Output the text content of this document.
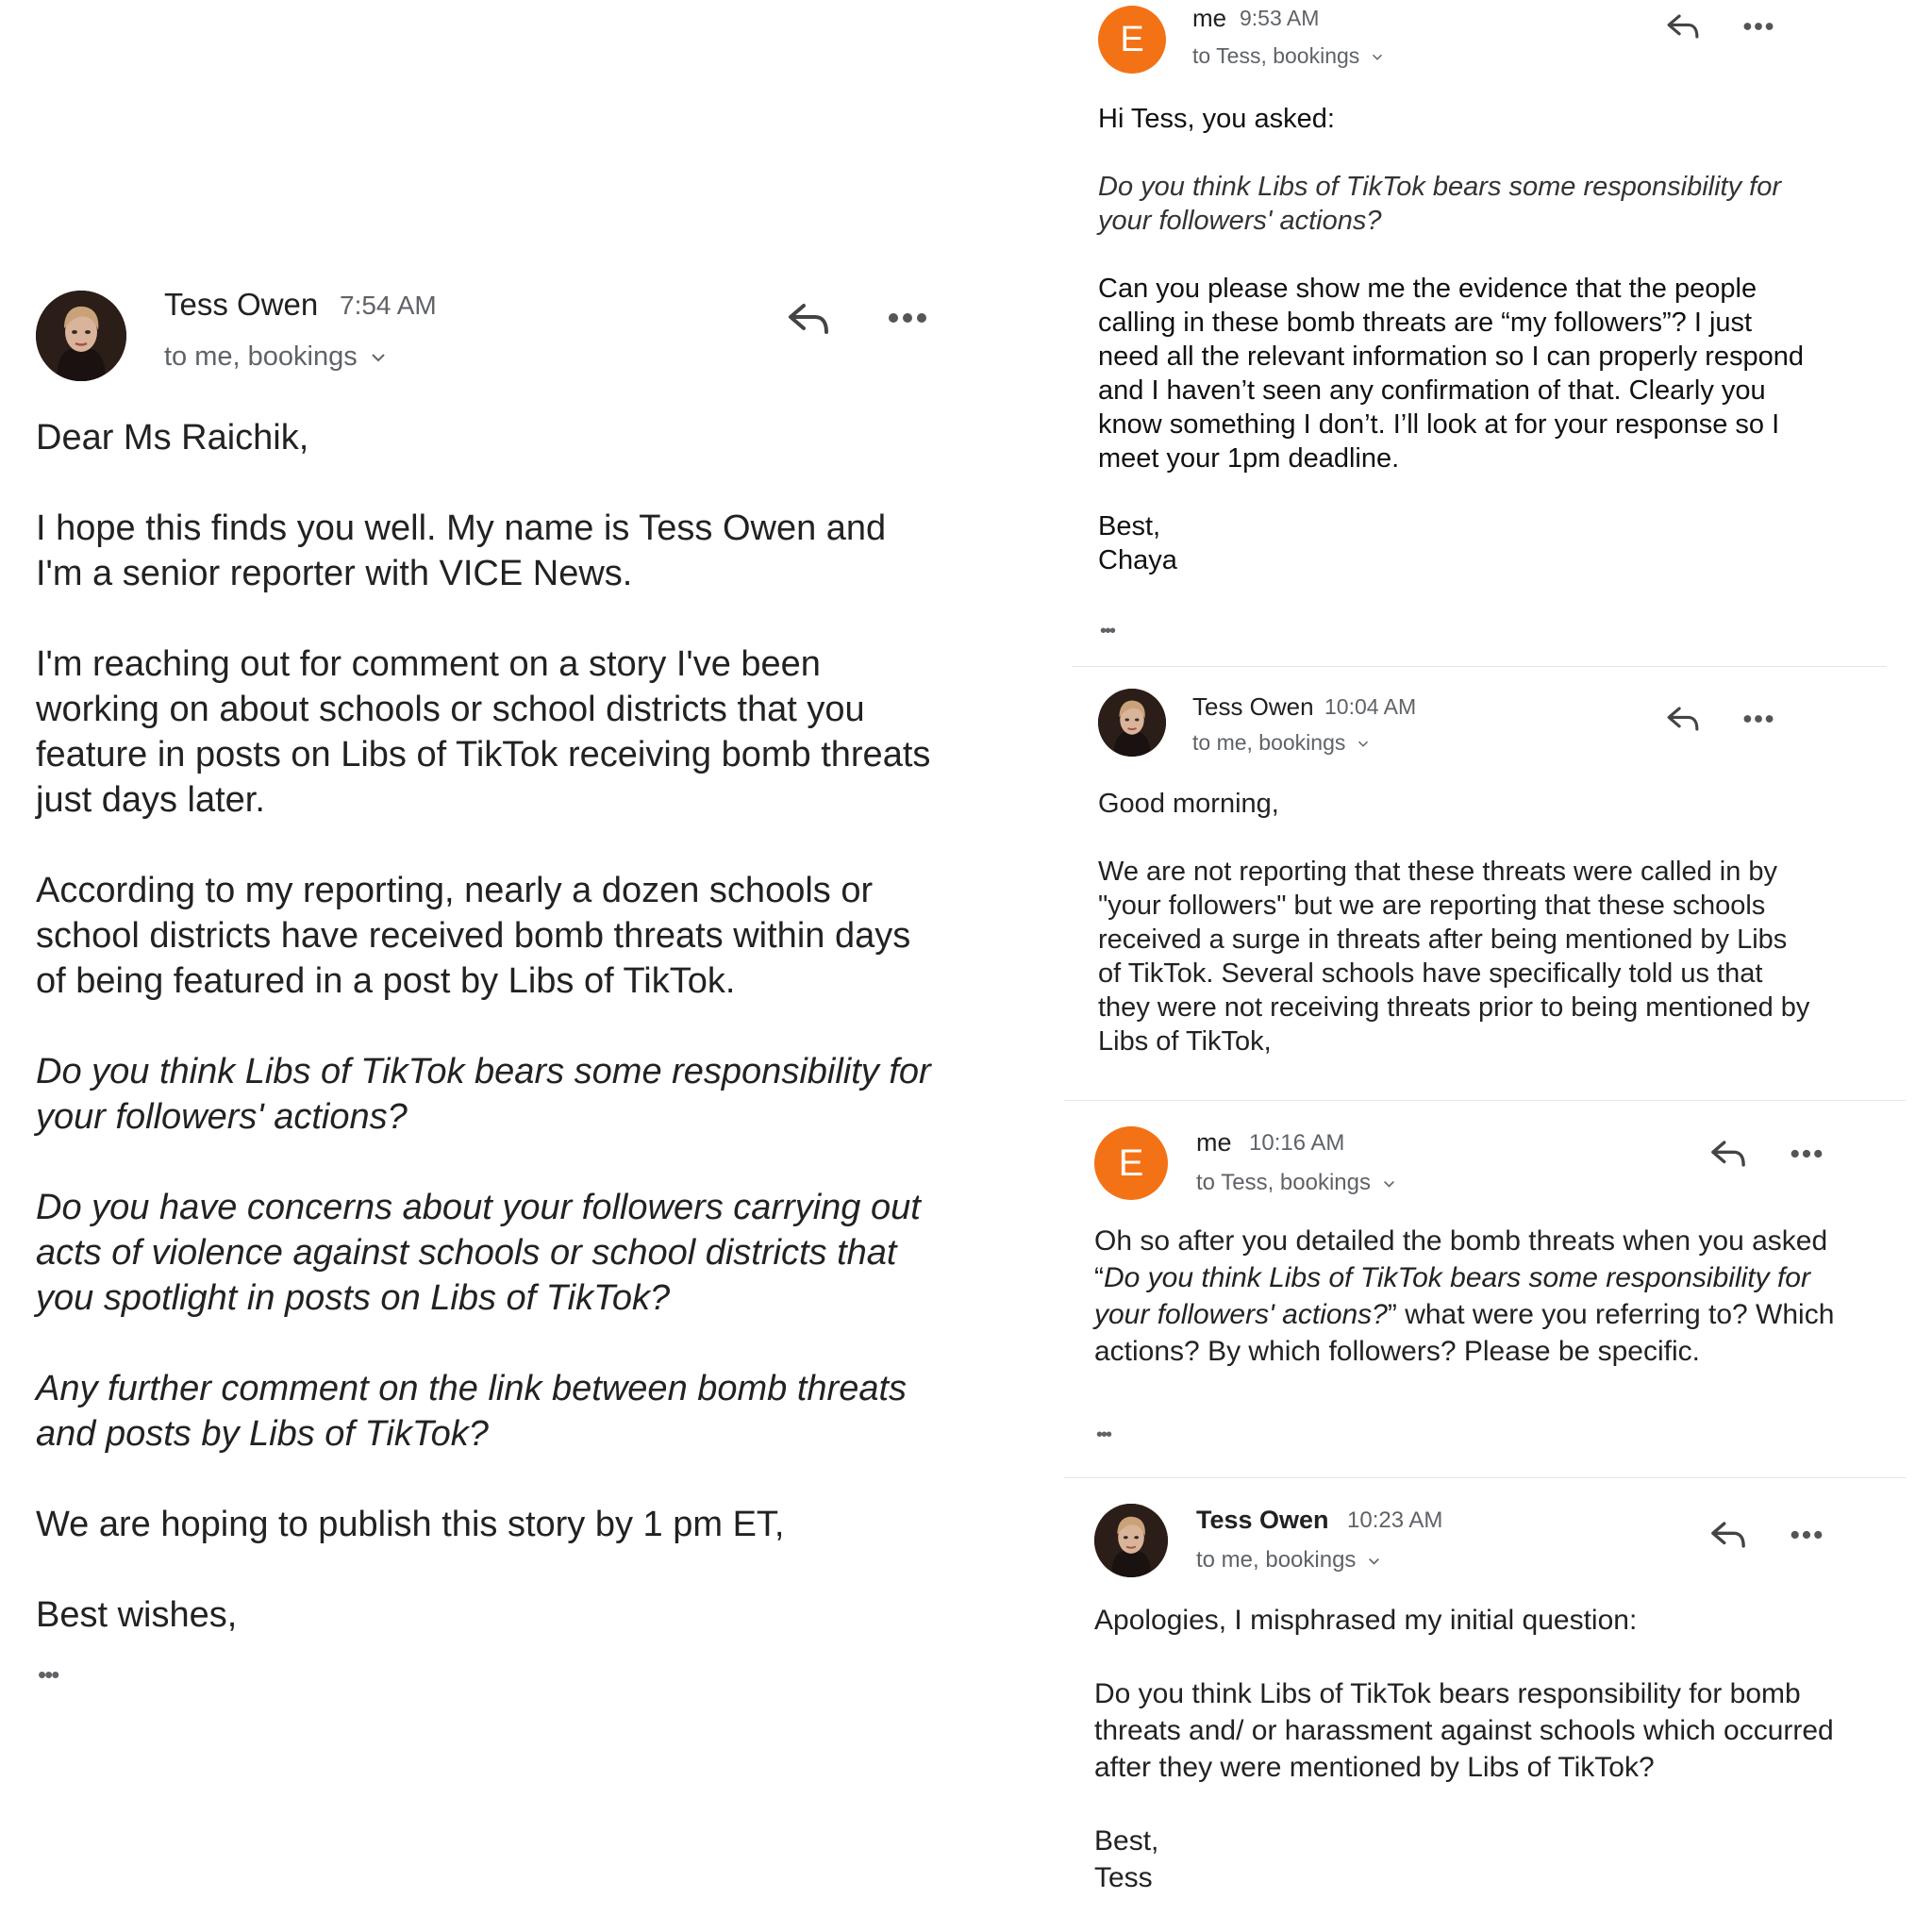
Tess Owen 7:54 AM
to me, bookings

Dear Ms Raichik,

I hope this finds you well. My name is Tess Owen and I'm a senior reporter with VICE News.

I'm reaching out for comment on a story I've been working on about schools or school districts that you feature in posts on Libs of TikTok receiving bomb threats just days later.

According to my reporting, nearly a dozen schools or school districts have received bomb threats within days of being featured in a post by Libs of TikTok.

Do you think Libs of TikTok bears some responsibility for your followers' actions?

Do you have concerns about your followers carrying out acts of violence against schools or school districts that you spotlight in posts on Libs of TikTok?

Any further comment on the link between bomb threats and posts by Libs of TikTok?

We are hoping to publish this story by 1 pm ET,

Best wishes,

•••
E
me 9:53 AM
to Tess, bookings

Hi Tess, you asked:

Do you think Libs of TikTok bears some responsibility for your followers' actions?

Can you please show me the evidence that the people calling in these bomb threats are “my followers”? I just need all the relevant information so I can properly respond and I haven’t seen any confirmation of that. Clearly you know something I don’t. I’ll look at for your response so I meet your 1pm deadline.

Best,

Chaya

•••
Tess Owen 10:04 AM
to me, bookings

Good morning,

We are not reporting that these threats were called in by "your followers" but we are reporting that these schools received a surge in threats after being mentioned by Libs of TikTok. Several schools have specifically told us that they were not receiving threats prior to being mentioned by Libs of TikTok,

E me 10:16 AM
to Tess, bookings

Oh so after you detailed the bomb threats when you asked “Do you think Libs of TikTok bears some responsibility for your followers' actions?” what were you referring to? Which actions? By which followers? Please be specific.

•••
Tess Owen 10:23 AM
to me, bookings

Apologies, I misphrased my initial question:

Do you think Libs of TikTok bears responsibility for bomb threats and/ or harassment against schools which occurred after they were mentioned by Libs of TikTok?

Best,

Tess
